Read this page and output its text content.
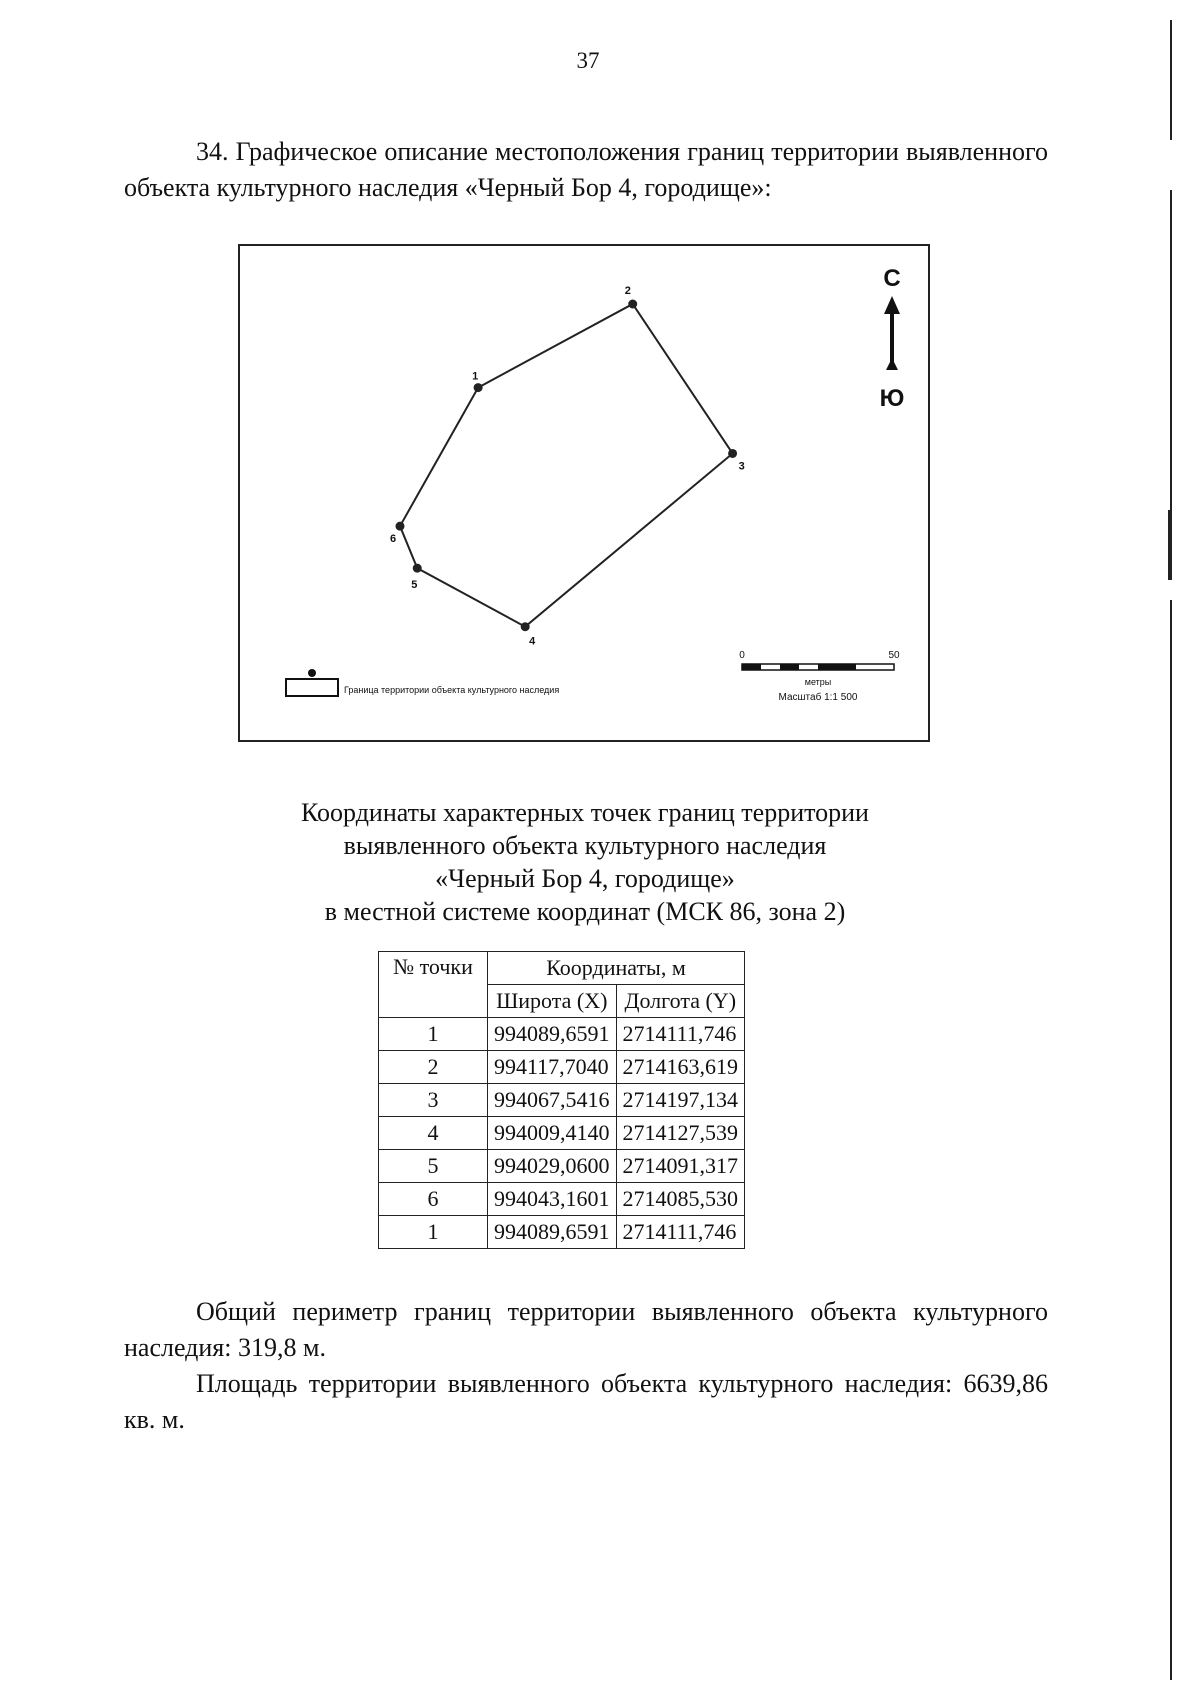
37
34. Графическое описание местоположения границ территории выявленного объекта культурного наследия «Черный Бор 4, городище»:
1
2
3
4
5
6
С
Ю
Граница территории объекта культурного наследия
0	50
метры
Масштаб 1:1 500
Координаты характерных точек границ территории
выявленного объекта культурного наследия
«Черный Бор 4, городище»
в местной системе координат (МСК 86, зона 2)
№ точки	Координаты, м	
	Широта (X)	Долгота (Y)
1	994089,6591	2714111,746
2	994117,7040	2714163,619
3	994067,5416	2714197,134
4	994009,4140	2714127,539
5	994029,0600	2714091,317
6	994043,1601	2714085,530
1	994089,6591	2714111,746
Общий периметр границ территории выявленного объекта культурного наследия: 319,8 м.
Площадь территории выявленного объекта культурного наследия: 6639,86 кв. м.
